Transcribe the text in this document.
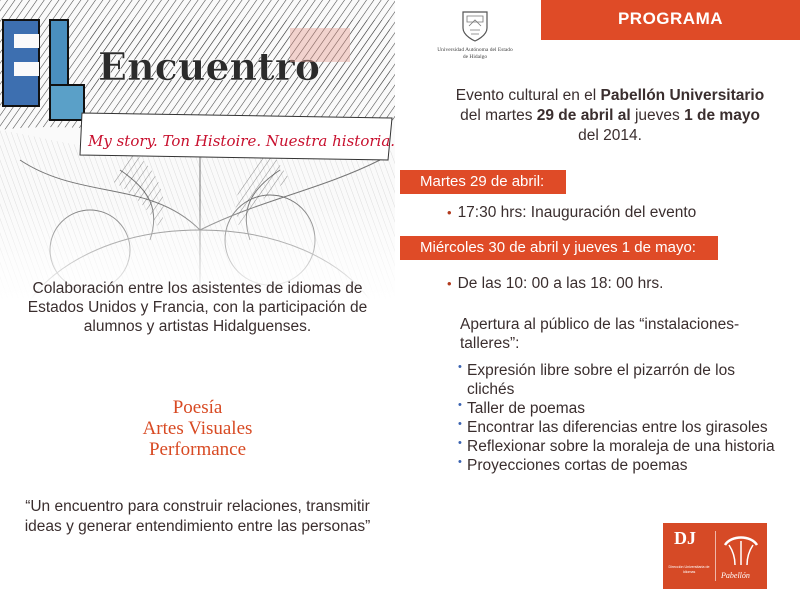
Encuentro
My story. Ton Histoire. Nuestra historia.
Colaboración entre los asistentes de idiomas de Estados Unidos y Francia, con la participación de alumnos y artistas Hidalguenses.
Poesía
Artes Visuales
Performance
“Un encuentro para construir relaciones, transmitir ideas y generar entendimiento entre las personas”
Universidad Autónoma del Estado de Hidalgo
PROGRAMA
Evento cultural en el Pabellón Universitario del martes 29 de abril al jueves 1 de mayo del 2014.
Martes 29 de abril:
• 17:30 hrs: Inauguración del evento
Miércoles 30 de abril y jueves 1 de mayo:
• De las 10: 00 a las 18: 00 hrs.
Apertura al público de las “instalaciones-talleres”:
• Expresión libre sobre el pizarrón de los clichés
• Taller de poemas
• Encontrar las diferencias entre los girasoles
• Reflexionar sobre la moraleja de una historia
• Proyecciones cortas de poemas
DJ
Dirección Universitaria de Idiomas	Pabellón
